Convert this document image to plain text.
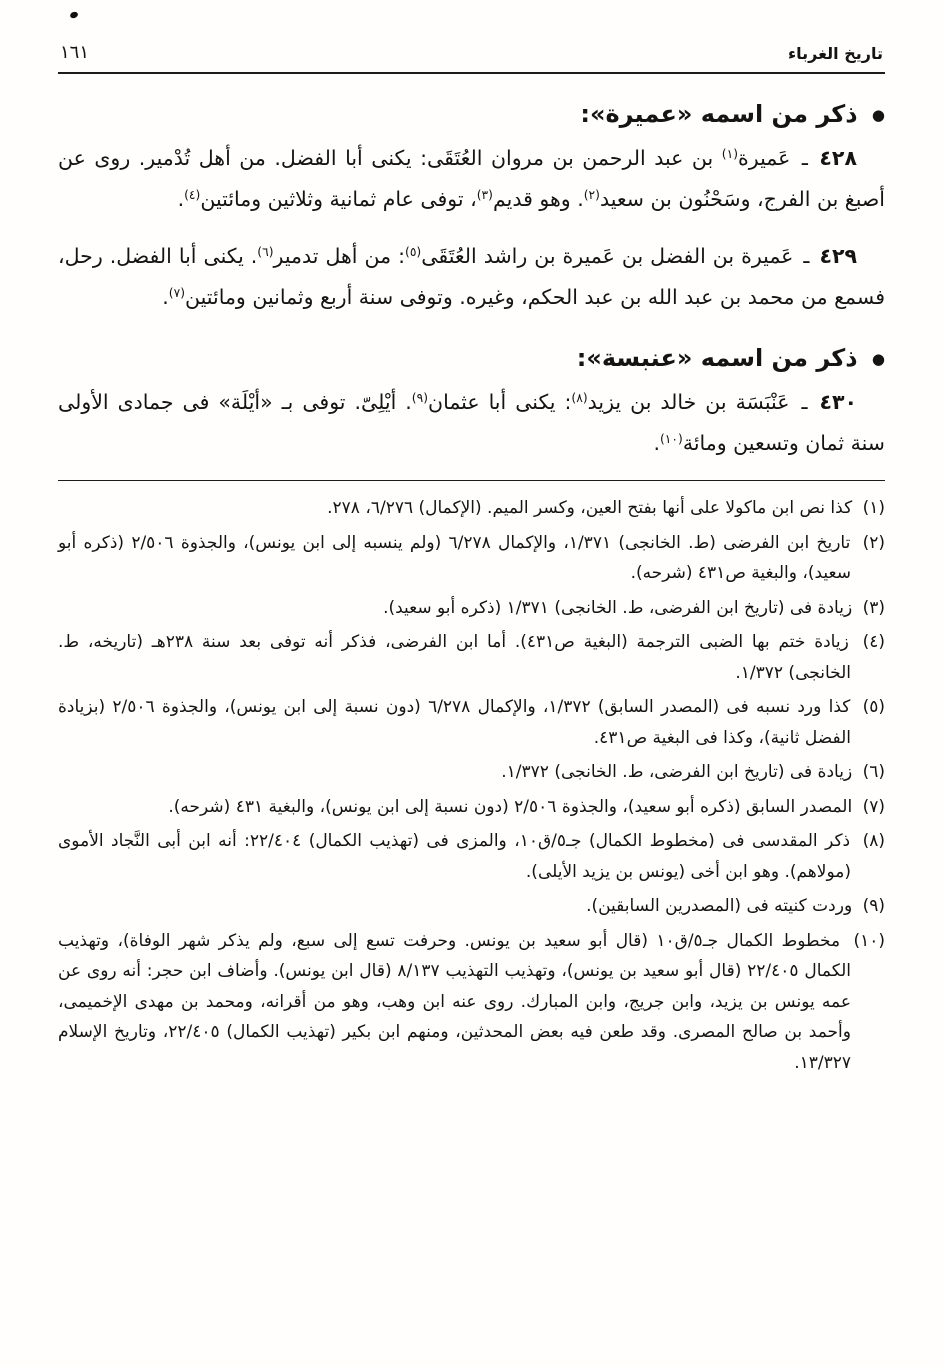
تاريخ الغرباء
١٦١
● ذكر من اسمه «عميرة»:

٤٢٨ ـ عَميرة$^{(١)}$ بن عبد الرحمن بن مروان العُتَقَى: يكنى أبا الفضل. من أهل تُدْمير. روى عن أصبغ بن الفرج، وسَحْنُون بن سعيد$^{(٢)}$. وهو قديم$^{(٣)}$، توفى عام ثمانية وثلاثين ومائتين$^{(٤)}$.

٤٢٩ ـ عَميرة بن الفضل بن عَميرة بن راشد العُتَقَى$^{(٥)}$: من أهل تدمير$^{(٦)}$. يكنى أبا الفضل. رحل، فسمع من محمد بن عبد الله بن عبد الحكم، وغيره. وتوفى سنة أربع وثمانين ومائتين$^{(٧)}$.

● ذكر من اسمه «عنبسة»:

٤٣٠ ـ عَنْبَسَة بن خالد بن يزيد$^{(٨)}$: يكنى أبا عثمان$^{(٩)}$. أيْلِىّ. توفى بـ «أيْلَة» فى جمادى الأولى سنة ثمان وتسعين ومائة$^{(١٠)}$.

(١) كذا نص ابن ماكولا على أنها بفتح العين، وكسر الميم. (الإكمال) ٦/٢٧٦، ٢٧٨.

(٢) تاريخ ابن الفرضى (ط. الخانجى) ١/٣٧١، والإكمال ٦/٢٧٨ (ولم ينسبه إلى ابن يونس)، والجذوة ٢/٥٠٦ (ذكره أبو سعيد)، والبغية ص٤٣١ (شرحه).

(٣) زيادة فى (تاريخ ابن الفرضى، ط. الخانجى) ١/٣٧١ (ذكره أبو سعيد).

(٤) زيادة ختم بها الضبى الترجمة (البغية ص٤٣١). أما ابن الفرضى، فذكر أنه توفى بعد سنة ٢٣٨هـ (تاريخه، ط. الخانجى) ١/٣٧٢.

(٥) كذا ورد نسبه فى (المصدر السابق) ١/٣٧٢، والإكمال ٦/٢٧٨ (دون نسبة إلى ابن يونس)، والجذوة ٢/٥٠٦ (بزيادة الفضل ثانية)، وكذا فى البغية ص٤٣١.

(٦) زيادة فى (تاريخ ابن الفرضى، ط. الخانجى) ١/٣٧٢.

(٧) المصدر السابق (ذكره أبو سعيد)، والجذوة ٢/٥٠٦ (دون نسبة إلى ابن يونس)، والبغية ٤٣١ (شرحه).

(٨) ذكر المقدسى فى (مخطوط الكمال) جـ٥/ق١٠، والمزى فى (تهذيب الكمال) ٢٢/٤٠٤: أنه ابن أبى النَّجاد الأموى (مولاهم). وهو ابن أخى (يونس بن يزيد الأيلى).

(٩) وردت كنيته فى (المصدرين السابقين).

(١٠) مخطوط الكمال جـ٥/ق١٠ (قال أبو سعيد بن يونس. وحرفت تسع إلى سبع، ولم يذكر شهر الوفاة)، وتهذيب الكمال ٢٢/٤٠٥ (قال أبو سعيد بن يونس)، وتهذيب التهذيب ٨/١٣٧ (قال ابن يونس). وأضاف ابن حجر: أنه روى عن عمه يونس بن يزيد، وابن جريج، وابن المبارك. روى عنه ابن وهب، وهو من أقرانه، ومحمد بن مهدى الإخميمى، وأحمد بن صالح المصرى. وقد طعن فيه بعض المحدثين، ومنهم ابن بكير (تهذيب الكمال) ٢٢/٤٠٥، وتاريخ الإسلام ١٣/٣٢٧.
